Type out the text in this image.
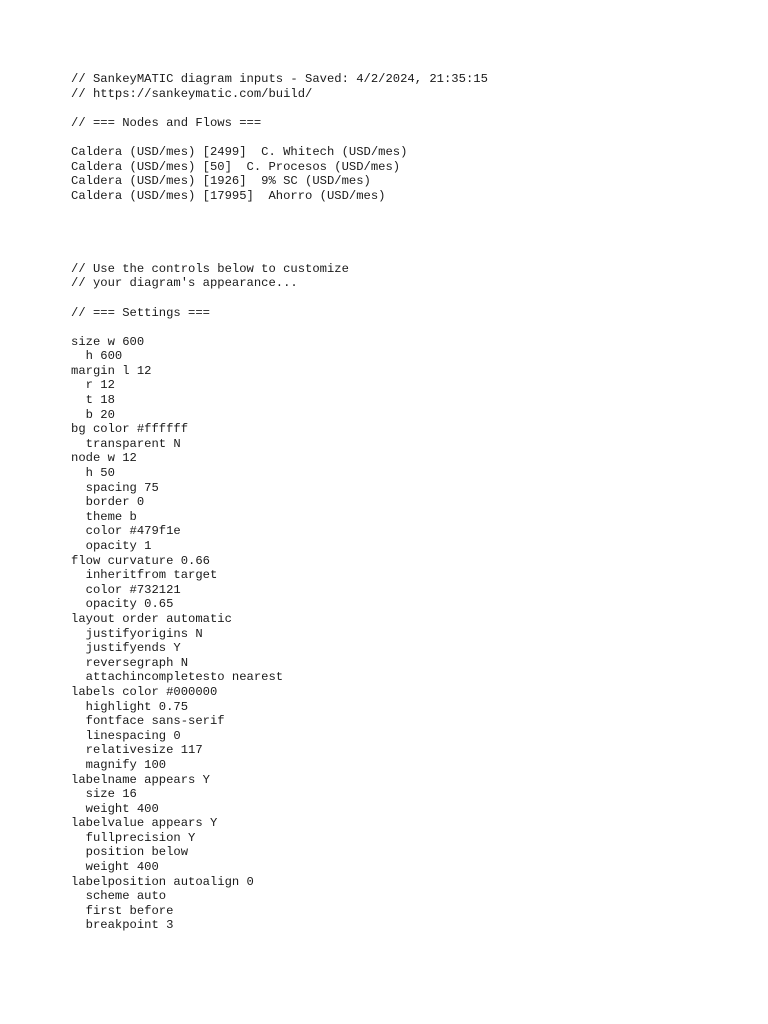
// SankeyMATIC diagram inputs - Saved: 4/2/2024, 21:35:15
// https://sankeymatic.com/build/
// === Nodes and Flows ===
Caldera (USD/mes) [2499]  C. Whitech (USD/mes)
Caldera (USD/mes) [50]  C. Procesos (USD/mes)
Caldera (USD/mes) [1926]  9% SC (USD/mes)
Caldera (USD/mes) [17995]  Ahorro (USD/mes)
// Use the controls below to customize
// your diagram's appearance...
// === Settings ===
size w 600
h 600
margin l 12
r 12
t 18
b 20
bg color #ffffff
transparent N
node w 12
h 50
spacing 75
border 0
theme b
color #479f1e
opacity 1
flow curvature 0.66
inheritfrom target
color #732121
opacity 0.65
layout order automatic
justifyorigins N
justifyends Y
reversegraph N
attachincompletesto nearest
labels color #000000
highlight 0.75
fontface sans-serif
linespacing 0
relativesize 117
magnify 100
labelname appears Y
size 16
weight 400
labelvalue appears Y
fullprecision Y
position below
weight 400
labelposition autoalign 0
scheme auto
first before
breakpoint 3
